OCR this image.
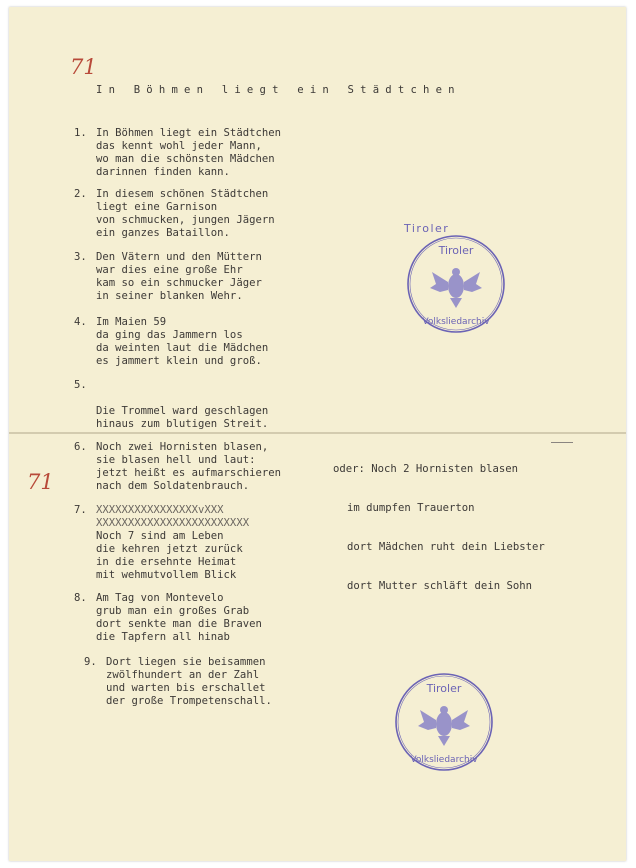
71
71
In Böhmen liegt ein Städtchen
1. In Böhmen liegt ein Städtchen
das kennt wohl jeder Mann,
wo man die schönsten Mädchen
darinnen finden kann.
2. In diesem schönen Städtchen
liegt eine Garnison
von schmucken, jungen Jägern
ein ganzes Bataillon.
3. Den Vätern und den Müttern
war dies eine große Ehr
kam so ein schmucker Jäger
in seiner blanken Wehr.
4. Im Maien 59
da ging das Jammern los
da weinten laut die Mädchen
es jammert klein und groß.
5.
Die Trommel ward geschlagen
hinaus zum blutigen Streit.
6. Noch zwei Hornisten blasen,
sie blasen hell und laut:
jetzt heißt es aufmarschieren
nach dem Soldatenbrauch.
7. XXXXXXXXXXXXXXXXvXXX
XXXXXXXXXXXXXXXXXXXXXXXX
Noch 7 sind am Leben
die kehren jetzt zurück
in die ersehnte Heimat
mit wehmutvollem Blick
8. Am Tag von Montevelo
grub man ein großes Grab
dort senkte man die Braven
die Tapfern all hinab
9. Dort liegen sie beisammen
zwölfhundert an der Zahl
und warten bis erschallet
der große Trompetenschall.

oder: Noch 2 Hornisten blasen

im dumpfen Trauerton

dort Mädchen ruht dein Liebster

dort Mutter schläft dein Sohn

Tiroler
Tiroler
Volksliedarchiv
Tiroler
Volksliedarchiv
